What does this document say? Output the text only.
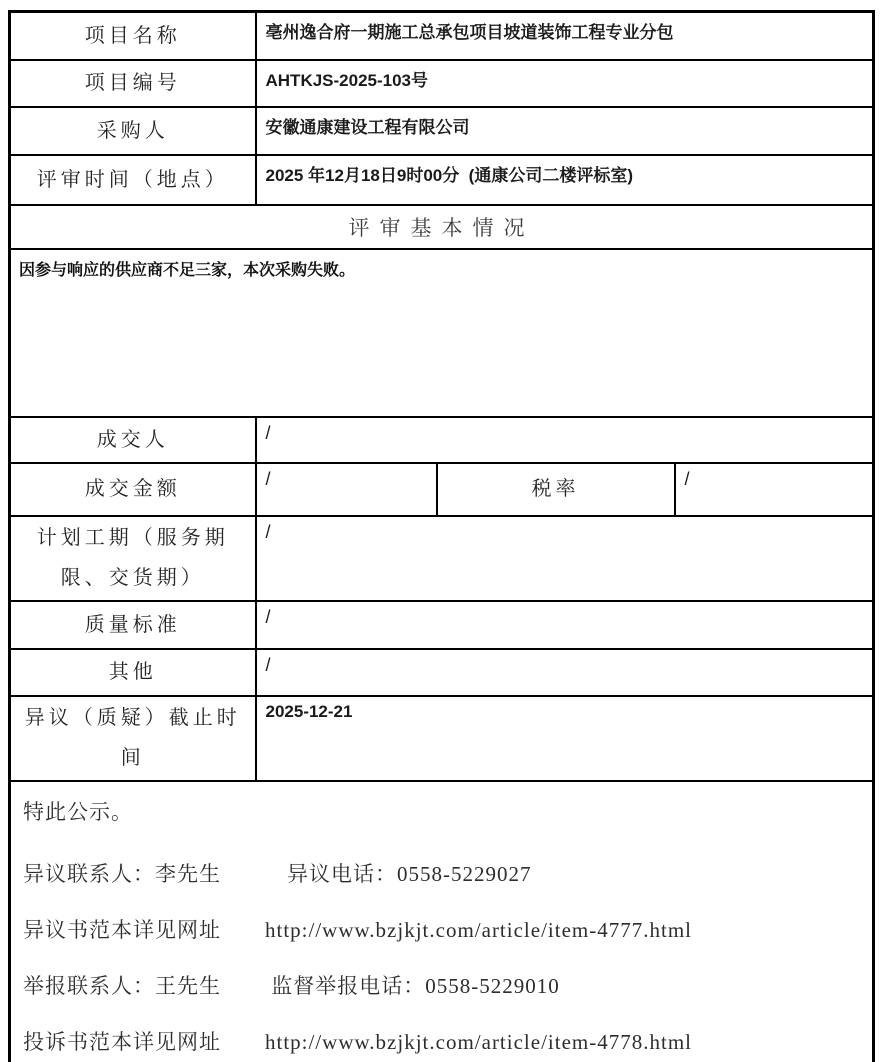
项目名称	亳州逸合府一期施工总承包项目坡道装饰工程专业分包		
项目编号	AHTKJS-2025-103号		
采购人	安徽通康建设工程有限公司		
评审时间（地点）	2025 年12月18日9时00分  (通康公司二楼评标室)		
评审基本情况			
因参与响应的供应商不足三家，本次采购失败。			
成交人	/		
成交金额	/	税率	/
计划工期（服务期限、交货期）	/		
质量标准	/		
其他	/		
异议（质疑）截止时间	2025-12-21		

特此公示。

异议联系人：李先生　　　异议电话：0558-5229027

异议书范本详见网址　　http://www.bzjkjt.com/article/item-4777.html

举报联系人：王先生　　 监督举报电话：0558-5229010

投诉书范本详见网址　　http://www.bzjkjt.com/article/item-4778.html			
